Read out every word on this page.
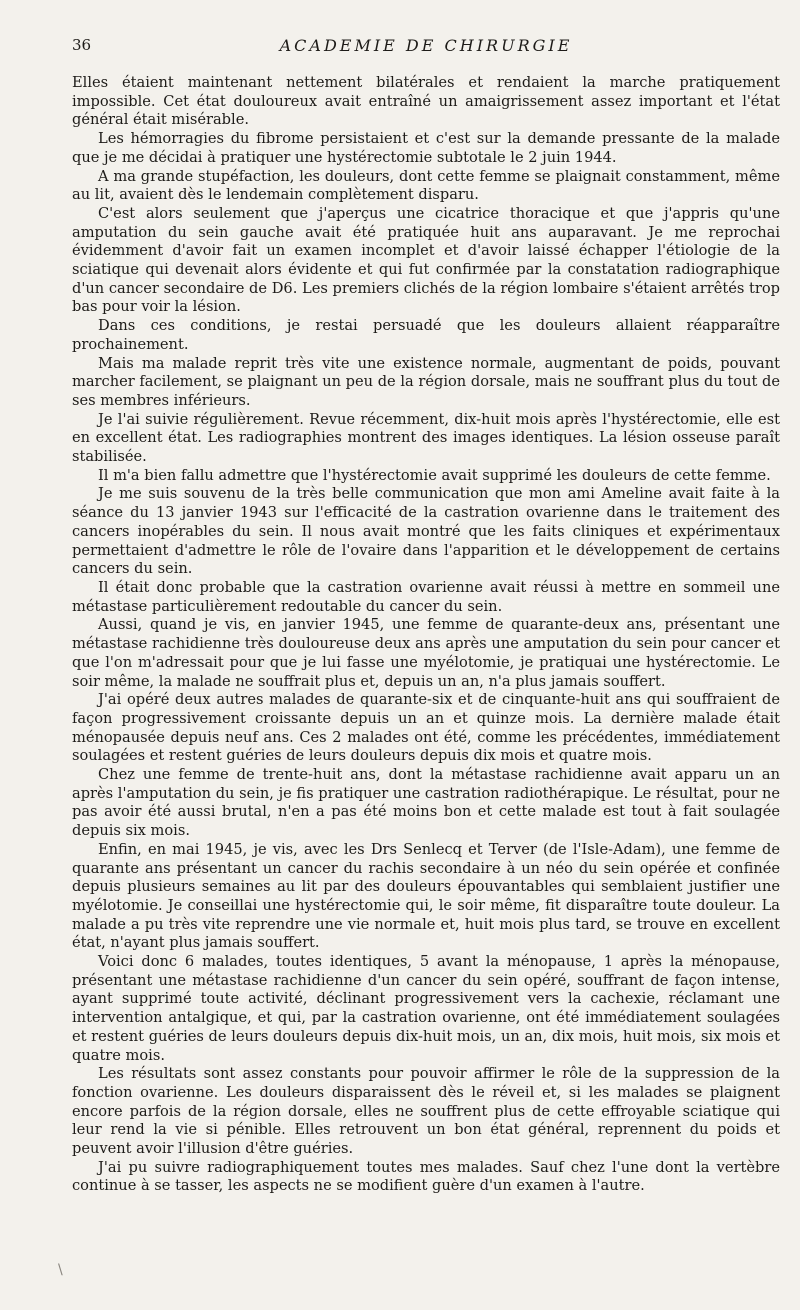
36	ACADEMIE DE CHIRURGIE

Elles étaient maintenant nettement bilatérales et rendaient la marche pratiquement impossible. Cet état douloureux avait entraîné un amaigrissement assez important et l'état général était misérable.

Les hémorragies du fibrome persistaient et c'est sur la demande pressante de la malade que je me décidai à pratiquer une hystérectomie subtotale le 2 juin 1944.

A ma grande stupéfaction, les douleurs, dont cette femme se plaignait constamment, même au lit, avaient dès le lendemain complètement disparu.

C'est alors seulement que j'aperçus une cicatrice thoracique et que j'appris qu'une amputation du sein gauche avait été pratiquée huit ans auparavant. Je me reprochai évidemment d'avoir fait un examen incomplet et d'avoir laissé échapper l'étiologie de la sciatique qui devenait alors évidente et qui fut confirmée par la constatation radiographique d'un cancer secondaire de D6. Les premiers clichés de la région lombaire s'étaient arrêtés trop bas pour voir la lésion.

Dans ces conditions, je restai persuadé que les douleurs allaient réapparaître prochainement.

Mais ma malade reprit très vite une existence normale, augmentant de poids, pouvant marcher facilement, se plaignant un peu de la région dorsale, mais ne souffrant plus du tout de ses membres inférieurs.

Je l'ai suivie régulièrement. Revue récemment, dix-huit mois après l'hystérectomie, elle est en excellent état. Les radiographies montrent des images identiques. La lésion osseuse paraît stabilisée.

Il m'a bien fallu admettre que l'hystérectomie avait supprimé les douleurs de cette femme.

Je me suis souvenu de la très belle communication que mon ami Ameline avait faite à la séance du 13 janvier 1943 sur l'efficacité de la castration ovarienne dans le traitement des cancers inopérables du sein. Il nous avait montré que les faits cliniques et expérimentaux permettaient d'admettre le rôle de l'ovaire dans l'apparition et le développement de certains cancers du sein.

Il était donc probable que la castration ovarienne avait réussi à mettre en sommeil une métastase particulièrement redoutable du cancer du sein.

Aussi, quand je vis, en janvier 1945, une femme de quarante-deux ans, présentant une métastase rachidienne très douloureuse deux ans après une amputation du sein pour cancer et que l'on m'adressait pour que je lui fasse une myélotomie, je pratiquai une hystérectomie. Le soir même, la malade ne souffrait plus et, depuis un an, n'a plus jamais souffert.

J'ai opéré deux autres malades de quarante-six et de cinquante-huit ans qui souffraient de façon progressivement croissante depuis un an et quinze mois. La dernière malade était ménopausée depuis neuf ans. Ces 2 malades ont été, comme les précédentes, immédiatement soulagées et restent guéries de leurs douleurs depuis dix mois et quatre mois.

Chez une femme de trente-huit ans, dont la métastase rachidienne avait apparu un an après l'amputation du sein, je fis pratiquer une castration radiothérapique. Le résultat, pour ne pas avoir été aussi brutal, n'en a pas été moins bon et cette malade est tout à fait soulagée depuis six mois.

Enfin, en mai 1945, je vis, avec les Drs Senlecq et Terver (de l'Isle-Adam), une femme de quarante ans présentant un cancer du rachis secondaire à un néo du sein opérée et confinée depuis plusieurs semaines au lit par des douleurs épouvantables qui semblaient justifier une myélotomie. Je conseillai une hystérectomie qui, le soir même, fit disparaître toute douleur. La malade a pu très vite reprendre une vie normale et, huit mois plus tard, se trouve en excellent état, n'ayant plus jamais souffert.

Voici donc 6 malades, toutes identiques, 5 avant la ménopause, 1 après la ménopause, présentant une métastase rachidienne d'un cancer du sein opéré, souffrant de façon intense, ayant supprimé toute activité, déclinant progressivement vers la cachexie, réclamant une intervention antalgique, et qui, par la castration ovarienne, ont été immédiatement soulagées et restent guéries de leurs douleurs depuis dix-huit mois, un an, dix mois, huit mois, six mois et quatre mois.

Les résultats sont assez constants pour pouvoir affirmer le rôle de la suppression de la fonction ovarienne. Les douleurs disparaissent dès le réveil et, si les malades se plaignent encore parfois de la région dorsale, elles ne souffrent plus de cette effroyable sciatique qui leur rend la vie si pénible. Elles retrouvent un bon état général, reprennent du poids et peuvent avoir l'illusion d'être guéries.

J'ai pu suivre radiographiquement toutes mes malades. Sauf chez l'une dont la vertèbre continue à se tasser, les aspects ne se modifient guère d'un examen à l'autre.

\
